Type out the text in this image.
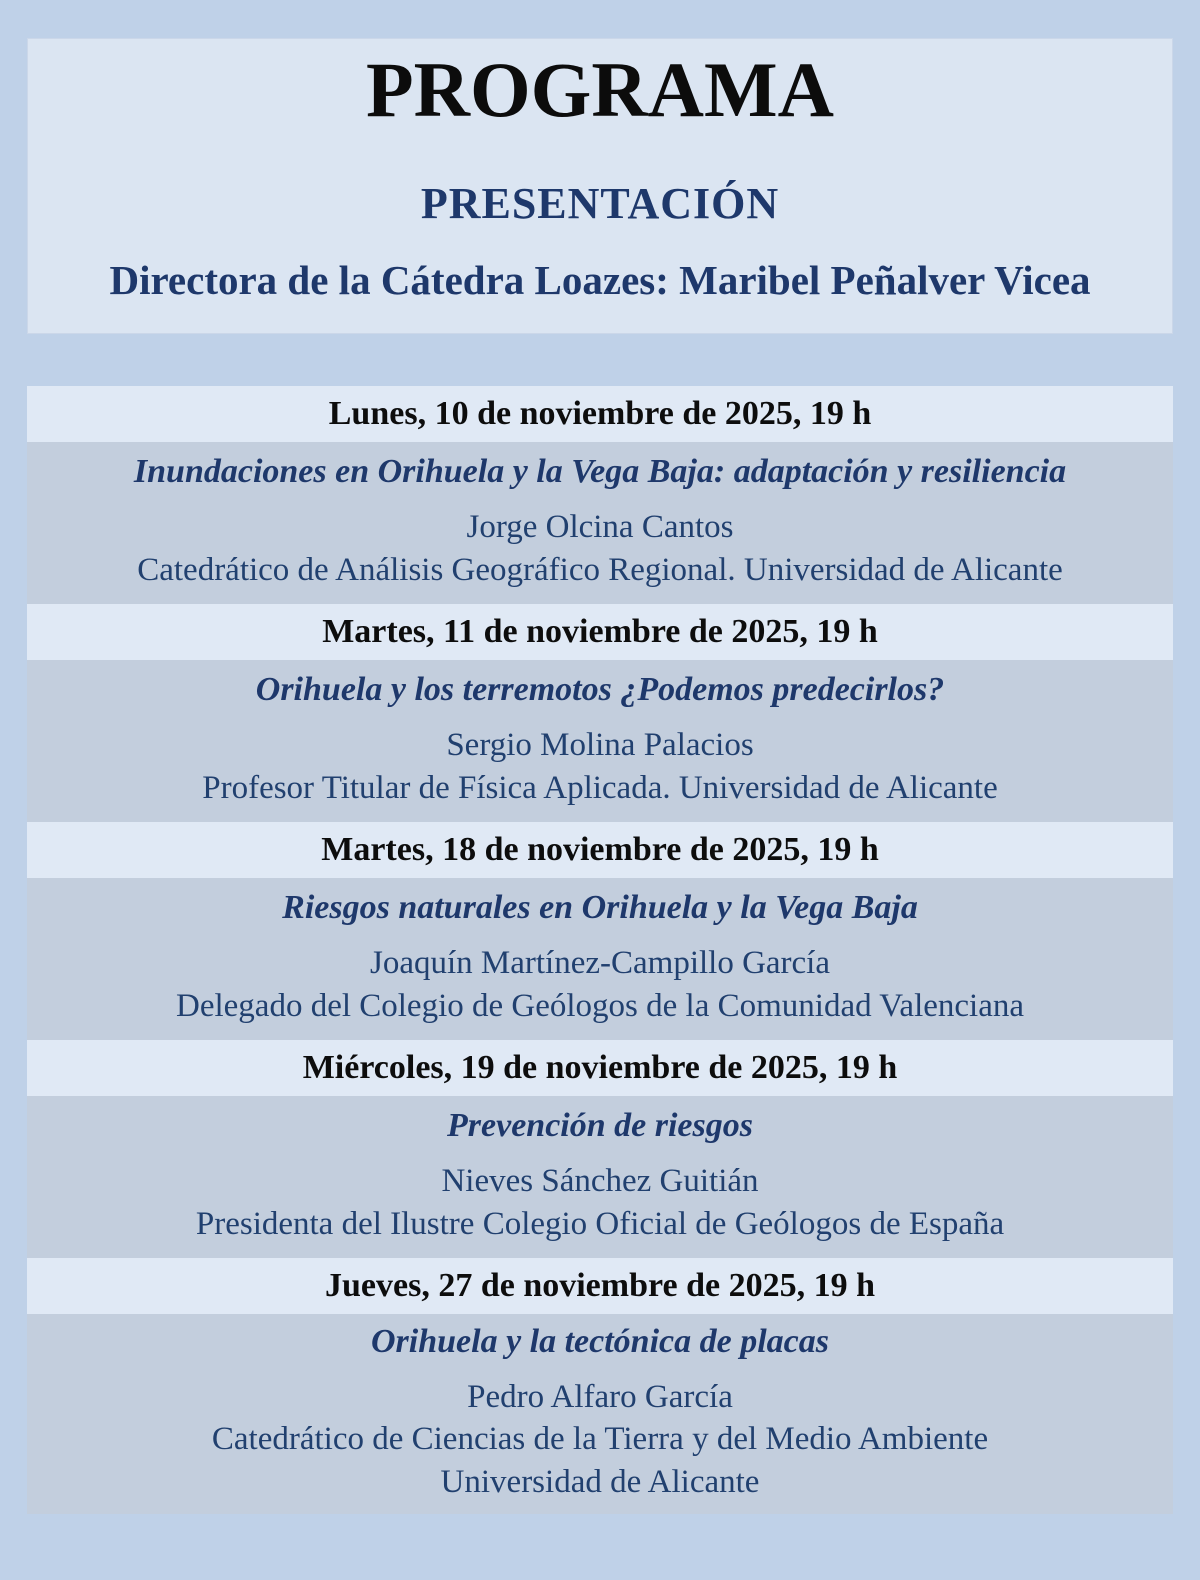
PROGRAMA
PRESENTACIÓN
Directora de la Cátedra Loazes: Maribel Peñalver Vicea
Lunes, 10 de noviembre de 2025, 19 h
Inundaciones en Orihuela y la Vega Baja: adaptación y resiliencia
Jorge Olcina Cantos
Catedrático de Análisis Geográfico Regional. Universidad de Alicante
Martes, 11 de noviembre de 2025, 19 h
Orihuela y los terremotos ¿Podemos predecirlos?
Sergio Molina Palacios
Profesor Titular de Física Aplicada. Universidad de Alicante
Martes, 18 de noviembre de 2025, 19 h
Riesgos naturales en Orihuela y la Vega Baja
Joaquín Martínez-Campillo García
Delegado del Colegio de Geólogos de la Comunidad Valenciana
Miércoles, 19 de noviembre de 2025, 19 h
Prevención de riesgos
Nieves Sánchez Guitián
Presidenta del Ilustre Colegio Oficial de Geólogos de España
Jueves, 27 de noviembre de 2025, 19 h
Orihuela y la tectónica de placas
Pedro Alfaro García
Catedrático de Ciencias de la Tierra y del Medio Ambiente
Universidad de Alicante
